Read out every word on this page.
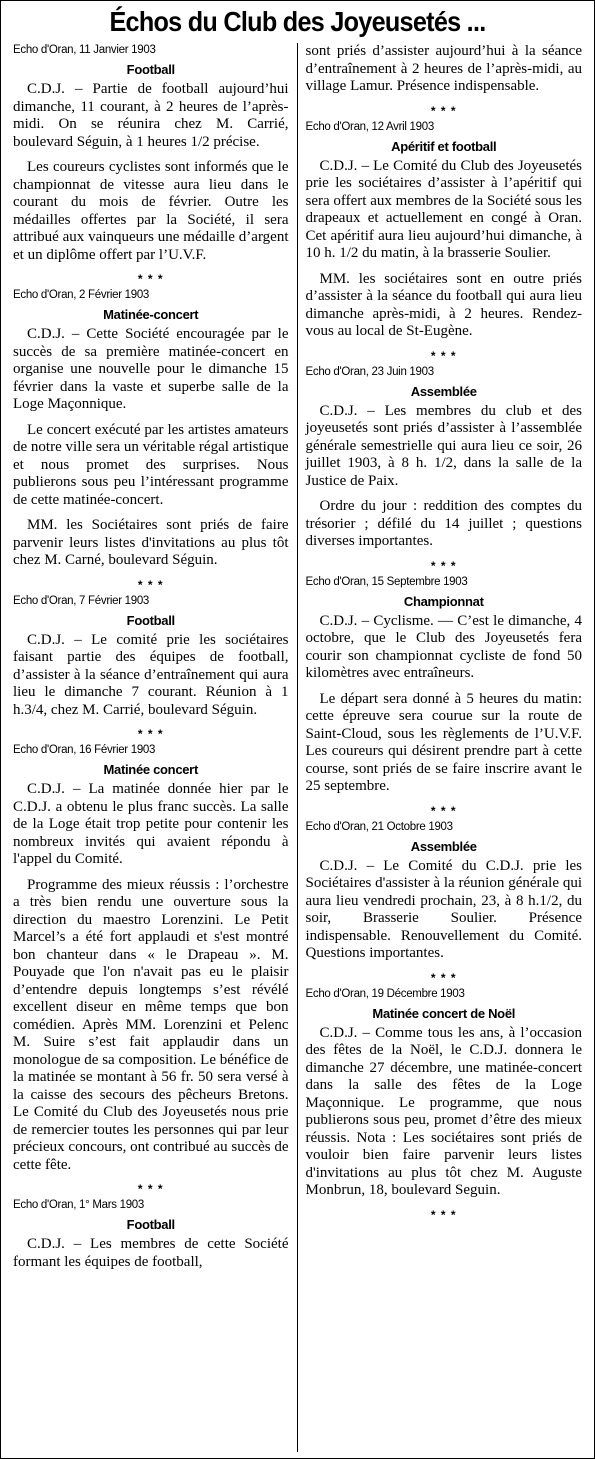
Échos du Club des Joyeusetés ...

Echo d'Oran, 11 Janvier 1903

Football

C.D.J. – Partie de football aujourd’hui dimanche, 11 courant, à 2 heures de l’après-midi. On se réunira chez M. Carrié, boulevard Séguin, à 1 heures 1/2 précise.

Les coureurs cyclistes sont informés que le championnat de vitesse aura lieu dans le courant du mois de février. Outre les médailles offertes par la Société, il sera attribué aux vainqueurs une médaille d’argent et un diplôme offert par l’U.V.F.

* * *

Echo d'Oran, 2 Février 1903

Matinée-concert

C.D.J. – Cette Société encouragée par le succès de sa première matinée-concert en organise une nouvelle pour le dimanche 15 février dans la vaste et superbe salle de la Loge Maçonnique.

Le concert exécuté par les artistes amateurs de notre ville sera un véritable régal artistique et nous promet des surprises. Nous publierons sous peu l’intéressant programme de cette matinée-concert.

MM. les Sociétaires sont priés de faire parvenir leurs listes d'invitations au plus tôt chez M. Carné, boulevard Séguin.

* * *

Echo d'Oran, 7 Février 1903

Football

C.D.J. – Le comité prie les sociétaires faisant partie des équipes de football, d’assister à la séance d’entraînement qui aura lieu le dimanche 7 courant. Réunion à 1 h.3/4, chez M. Carrié, boulevard Séguin.

* * *

Echo d'Oran, 16 Février 1903

Matinée concert

C.D.J. – La matinée donnée hier par le C.D.J. a obtenu le plus franc succès. La salle de la Loge était trop petite pour contenir les nombreux invités qui avaient répondu à l'appel du Comité.

Programme des mieux réussis : l’orchestre a très bien rendu une ouverture sous la direction du maestro Lorenzini. Le Petit Marcel’s a été fort applaudi et s'est montré bon chanteur dans « le Drapeau ». M. Pouyade que l'on n'avait pas eu le plaisir d’entendre depuis longtemps s’est révélé excellent diseur en même temps que bon comédien. Après MM. Lorenzini et Pelenc M. Suire s’est fait applaudir dans un monologue de sa composition. Le bénéfice de la matinée se montant à 56 fr. 50 sera versé à la caisse des secours des pêcheurs Bretons. Le Comité du Club des Joyeusetés nous prie de remercier toutes les personnes qui par leur précieux concours, ont contribué au succès de cette fête.

* * *

Echo d'Oran, 1° Mars 1903

Football

C.D.J. – Les membres de cette Société formant les équipes de football,

sont priés d’assister aujourd’hui à la séance d’entraînement à 2 heures de l’après-midi, au village Lamur. Présence indispensable.

* * *

Echo d'Oran, 12 Avril 1903

Apéritif et football

C.D.J. – Le Comité du Club des Joyeusetés prie les sociétaires d’assister à l’apéritif qui sera offert aux membres de la Société sous les drapeaux et actuellement en congé à Oran. Cet apéritif aura lieu aujourd’hui dimanche, à 10 h. 1/2 du matin, à la brasserie Soulier.

MM. les sociétaires sont en outre priés d’assister à la séance du football qui aura lieu dimanche après-midi, à 2 heures. Rendez-vous au local de St-Eugène.

* * *

Echo d'Oran, 23 Juin 1903

Assemblée

C.D.J. – Les membres du club et des joyeusetés sont priés d’assister à l’assemblée générale semestrielle qui aura lieu ce soir, 26 juillet 1903, à 8 h. 1/2, dans la salle de la Justice de Paix.

Ordre du jour : reddition des comptes du trésorier ; défilé du 14 juillet ; questions diverses importantes.

* * *

Echo d'Oran, 15 Septembre 1903

Championnat

C.D.J. – Cyclisme. — C’est le dimanche, 4 octobre, que le Club des Joyeusetés fera courir son championnat cycliste de fond 50 kilomètres avec entraîneurs.

Le départ sera donné à 5 heures du matin: cette épreuve sera courue sur la route de Saint-Cloud, sous les règlements de l’U.V.F. Les coureurs qui désirent prendre part à cette course, sont priés de se faire inscrire avant le 25 septembre.

* * *

Echo d'Oran, 21 Octobre 1903

Assemblée

C.D.J. – Le Comité du C.D.J. prie les Sociétaires d'assister à la réunion générale qui aura lieu vendredi prochain, 23, à 8 h.1/2, du soir, Brasserie Soulier. Présence indispensable. Renouvellement du Comité. Questions importantes.

* * *

Echo d'Oran, 19 Décembre 1903

Matinée concert de Noël

C.D.J. – Comme tous les ans, à l’occasion des fêtes de la Noël, le C.D.J. donnera le dimanche 27 décembre, une matinée-concert dans la salle des fêtes de la Loge Maçonnique. Le programme, que nous publierons sous peu, promet d’être des mieux réussis. Nota : Les sociétaires sont priés de vouloir bien faire parvenir leurs listes d'invitations au plus tôt chez M. Auguste Monbrun, 18, boulevard Seguin.

* * *
